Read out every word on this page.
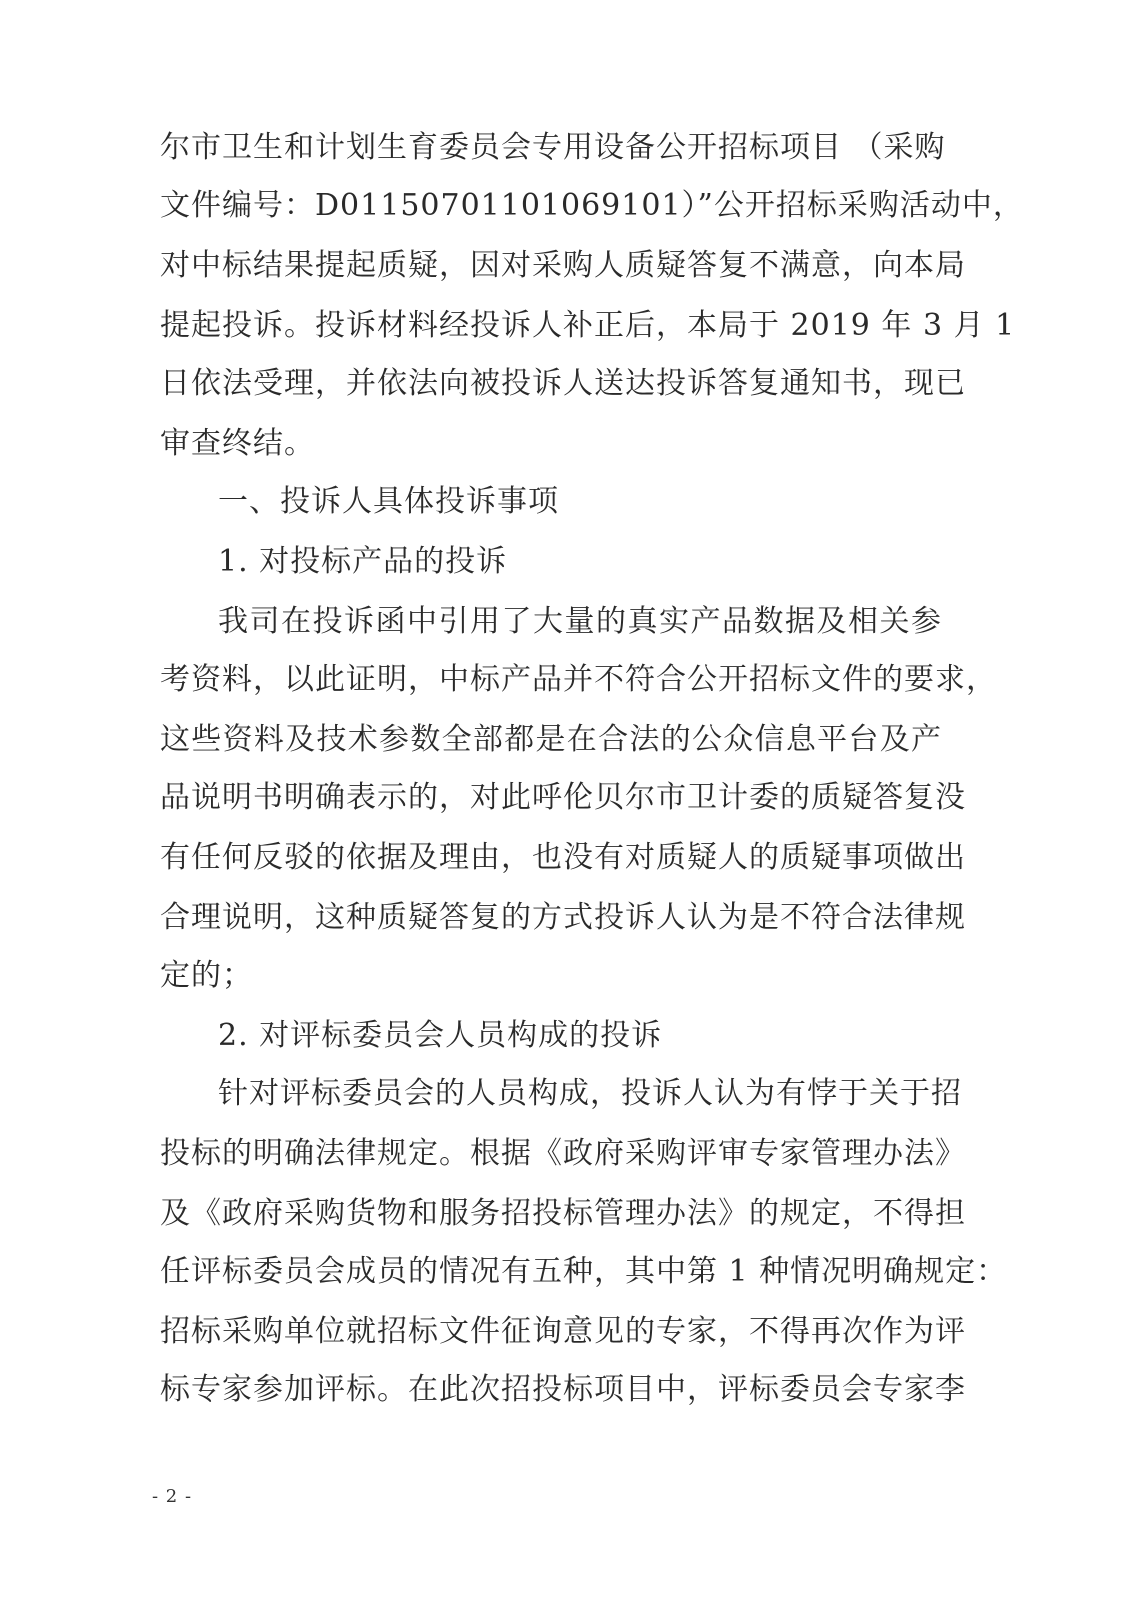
尔市卫生和计划生育委员会专用设备公开招标项目 （采购
文件编号：D01150701101069101）”公开招标采购活动中，
对中标结果提起质疑，因对采购人质疑答复不满意，向本局
提起投诉。投诉材料经投诉人补正后，本局于 2019 年 3 月 1
日依法受理，并依法向被投诉人送达投诉答复通知书，现已
审查终结。
一、投诉人具体投诉事项
1. 对投标产品的投诉
我司在投诉函中引用了大量的真实产品数据及相关参
考资料，以此证明，中标产品并不符合公开招标文件的要求，
这些资料及技术参数全部都是在合法的公众信息平台及产
品说明书明确表示的，对此呼伦贝尔市卫计委的质疑答复没
有任何反驳的依据及理由，也没有对质疑人的质疑事项做出
合理说明，这种质疑答复的方式投诉人认为是不符合法律规
定的；
2. 对评标委员会人员构成的投诉
针对评标委员会的人员构成，投诉人认为有悖于关于招
投标的明确法律规定。根据《政府采购评审专家管理办法》
及《政府采购货物和服务招投标管理办法》的规定，不得担
任评标委员会成员的情况有五种，其中第 1 种情况明确规定：
招标采购单位就招标文件征询意见的专家，不得再次作为评
标专家参加评标。在此次招投标项目中，评标委员会专家李
- 2 -
